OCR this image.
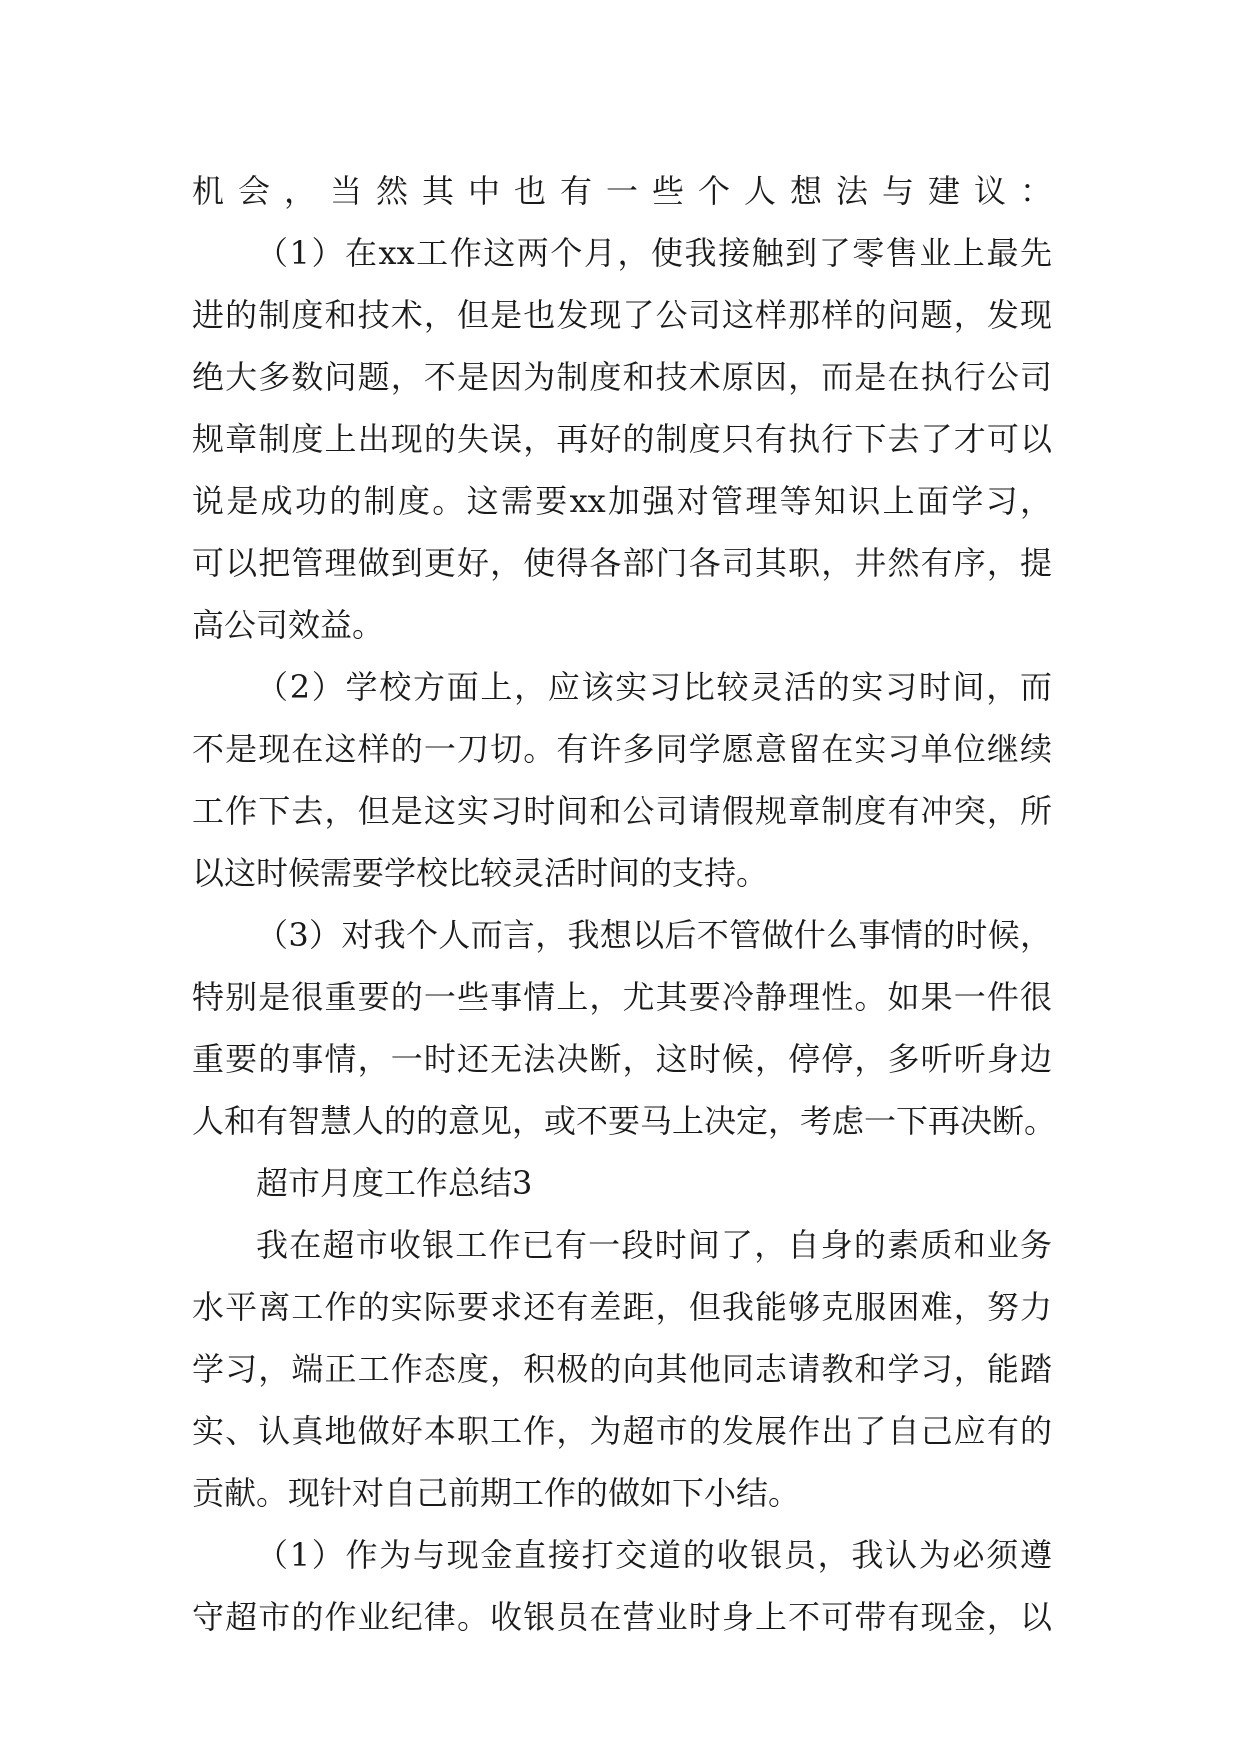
机会，当然其中也有一些个人想法与建议：
（1）在xx工作这两个月，使我接触到了零售业上最先
进的制度和技术，但是也发现了公司这样那样的问题，发现
绝大多数问题，不是因为制度和技术原因，而是在执行公司
规章制度上出现的失误，再好的制度只有执行下去了才可以
说是成功的制度。这需要xx加强对管理等知识上面学习，
可以把管理做到更好，使得各部门各司其职，井然有序，提
高公司效益。
（2）学校方面上，应该实习比较灵活的实习时间，而
不是现在这样的一刀切。有许多同学愿意留在实习单位继续
工作下去，但是这实习时间和公司请假规章制度有冲突，所
以这时候需要学校比较灵活时间的支持。
（3）对我个人而言，我想以后不管做什么事情的时候，
特别是很重要的一些事情上，尤其要冷静理性。如果一件很
重要的事情，一时还无法决断，这时候，停停，多听听身边
人和有智慧人的的意见，或不要马上决定，考虑一下再决断。
超市月度工作总结3
我在超市收银工作已有一段时间了，自身的素质和业务
水平离工作的实际要求还有差距，但我能够克服困难，努力
学习，端正工作态度，积极的向其他同志请教和学习，能踏
实、认真地做好本职工作，为超市的发展作出了自己应有的
贡献。现针对自己前期工作的做如下小结。
（1）作为与现金直接打交道的收银员，我认为必须遵
守超市的作业纪律。收银员在营业时身上不可带有现金，以
